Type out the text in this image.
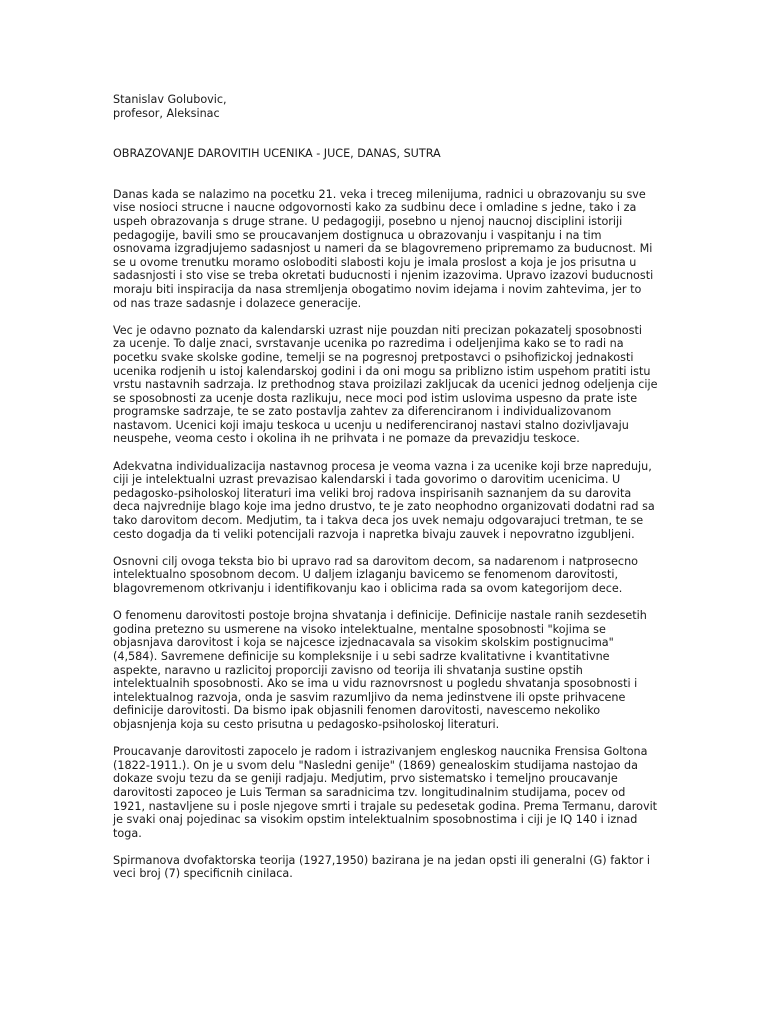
Stanislav Golubovic,
profesor, Aleksinac
OBRAZOVANJE DAROVITIH UCENIKA - JUCE, DANAS, SUTRA

Danas kada se nalazimo na pocetku 21. veka i treceg milenijuma, radnici u obrazovanju su sve vise nosioci strucne i naucne odgovornosti kako za sudbinu dece i omladine s jedne, tako i za uspeh obrazovanja s druge strane. U pedagogiji, posebno u njenoj naucnoj disciplini istoriji pedagogije, bavili smo se proucavanjem dostignuca u obrazovanju i vaspitanju i na tim osnovama izgradjujemo sadasnjost u nameri da se blagovremeno pripremamo za buducnost. Mi se u ovome trenutku moramo osloboditi slabosti koju je imala proslost a koja je jos prisutna u sadasnjosti i sto vise se treba okretati buducnosti i njenim izazovima. Upravo izazovi buducnosti moraju biti inspiracija da nasa stremljenja obogatimo novim idejama i novim zahtevima, jer to od nas traze sadasnje i dolazece generacije.

Vec je odavno poznato da kalendarski uzrast nije pouzdan niti precizan pokazatelj sposobnosti za ucenje. To dalje znaci, svrstavanje ucenika po razredima i odeljenjima kako se to radi na pocetku svake skolske godine, temelji se na pogresnoj pretpostavci o psihofizickoj jednakosti ucenika rodjenih u istoj kalendarskoj godini i da oni mogu sa priblizno istim uspehom pratiti istu vrstu nastavnih sadrzaja. Iz prethodnog stava proizilazi zakljucak da ucenici jednog odeljenja cije se sposobnosti za ucenje dosta razlikuju, nece moci pod istim uslovima uspesno da prate iste programske sadrzaje, te se zato postavlja zahtev za diferenciranom i individualizovanom nastavom. Ucenici koji imaju teskoca u ucenju u nediferenciranoj nastavi stalno dozivljavaju neuspehe, veoma cesto i okolina ih ne prihvata i ne pomaze da prevazidju teskoce.

Adekvatna individualizacija nastavnog procesa je veoma vazna i za ucenike koji brze napreduju, ciji je intelektualni uzrast prevazisao kalendarski i tada govorimo o darovitim ucenicima. U pedagosko-psiholoskoj literaturi ima veliki broj radova inspirisanih saznanjem da su darovita deca najvrednije blago koje ima jedno drustvo, te je zato neophodno organizovati dodatni rad sa tako darovitom decom. Medjutim, ta i takva deca jos uvek nemaju odgovarajuci tretman, te se cesto dogadja da ti veliki potencijali razvoja i napretka bivaju zauvek i nepovratno izgubljeni.

Osnovni cilj ovoga teksta bio bi upravo rad sa darovitom decom, sa nadarenom i natprosecno intelektualno sposobnom decom. U daljem izlaganju bavicemo se fenomenom darovitosti, blagovremenom otkrivanju i identifikovanju kao i oblicima rada sa ovom kategorijom dece.

O fenomenu darovitosti postoje brojna shvatanja i definicije. Definicije nastale ranih sezdesetih godina pretezno su usmerene na visoko intelektualne, mentalne sposobnosti "kojima se objasnjava darovitost i koja se najcesce izjednacavala sa visokim skolskim postignucima"(4,584). Savremene definicije su kompleksnije i u sebi sadrze kvalitativne i kvantitativne aspekte, naravno u razlicitoj proporciji zavisno od teorija ili shvatanja sustine opstih intelektualnih sposobnosti. Ako se ima u vidu raznovrsnost u pogledu shvatanja sposobnosti i intelektualnog razvoja, onda je sasvim razumljivo da nema jedinstvene ili opste prihvacene definicije darovitosti. Da bismo ipak objasnili fenomen darovitosti, navescemo nekoliko objasnjenja koja su cesto prisutna u pedagosko-psiholoskoj literaturi.

Proucavanje darovitosti zapocelo je radom i istrazivanjem engleskog naucnika Frensisa Goltona (1822-1911.). On je u svom delu "Nasledni genije" (1869) genealoskim studijama nastojao da dokaze svoju tezu da se geniji radjaju. Medjutim, prvo sistematsko i temeljno proucavanje darovitosti zapoceo je Luis Terman sa saradnicima tzv. longitudinalnim studijama, pocev od 1921, nastavljene su i posle njegove smrti i trajale su pedesetak godina. Prema Termanu, darovit je svaki onaj pojedinac sa visokim opstim intelektualnim sposobnostima i ciji je IQ 140 i iznad toga.

Spirmanova dvofaktorska teorija (1927,1950) bazirana je na jedan opsti ili generalni (G) faktor i veci broj (7) specificnih cinilaca.
